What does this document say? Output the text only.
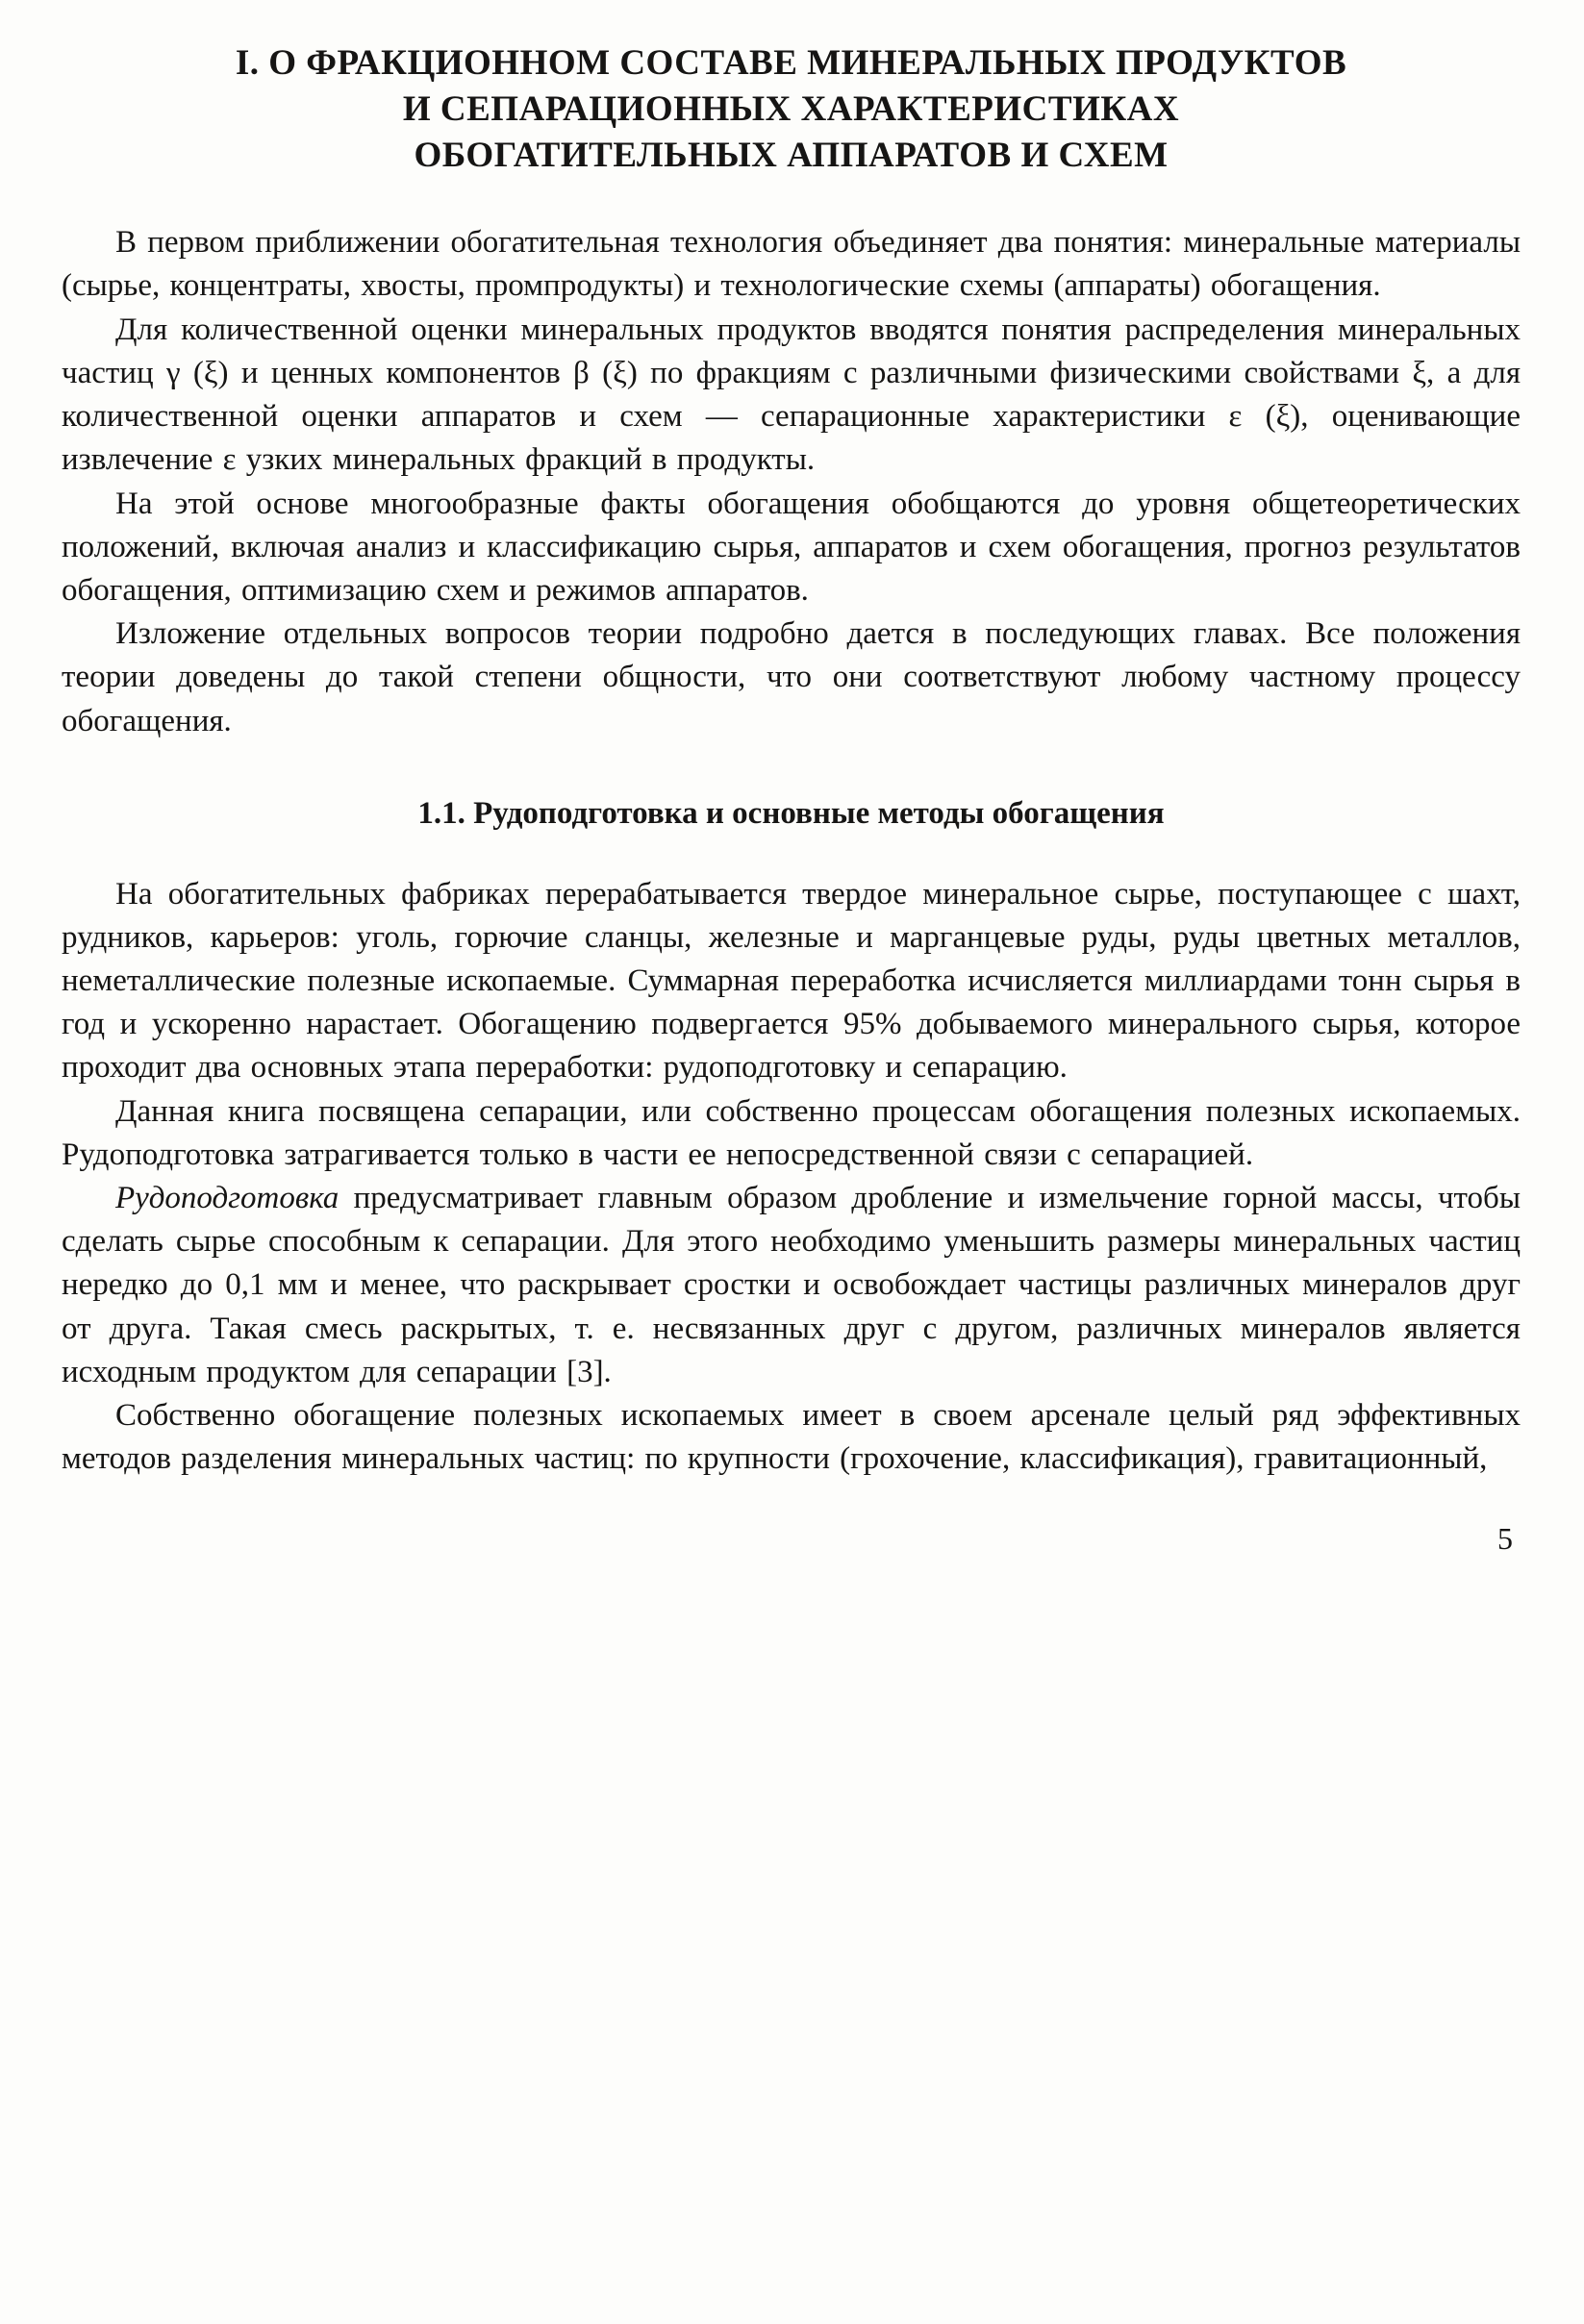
I. О ФРАКЦИОННОМ СОСТАВЕ МИНЕРАЛЬНЫХ ПРОДУКТОВ
И СЕПАРАЦИОННЫХ ХАРАКТЕРИСТИКАХ
ОБОГАТИТЕЛЬНЫХ АППАРАТОВ И СХЕМ

В первом приближении обогатительная технология объединяет два понятия: минеральные материалы (сырье, концентраты, хвосты, промпродукты) и технологические схемы (аппараты) обогащения.

Для количественной оценки минеральных продуктов вводятся понятия распределения минеральных частиц γ (ξ) и ценных компонентов β (ξ) по фракциям с различными физическими свойствами ξ, а для количественной оценки аппаратов и схем — сепарационные характеристики ε (ξ), оценивающие извлечение ε узких минеральных фракций в продукты.

На этой основе многообразные факты обогащения обобщаются до уровня общетеоретических положений, включая анализ и классификацию сырья, аппаратов и схем обогащения, прогноз результатов обогащения, оптимизацию схем и режимов аппаратов.

Изложение отдельных вопросов теории подробно дается в последующих главах. Все положения теории доведены до такой степени общности, что они соответствуют любому частному процессу обогащения.

1.1. Рудоподготовка и основные методы обогащения

На обогатительных фабриках перерабатывается твердое минеральное сырье, поступающее с шахт, рудников, карьеров: уголь, горючие сланцы, железные и марганцевые руды, руды цветных металлов, неметаллические полезные ископаемые. Суммарная переработка исчисляется миллиардами тонн сырья в год и ускоренно нарастает. Обогащению подвергается 95% добываемого минерального сырья, которое проходит два основных этапа переработки: рудоподготовку и сепарацию.

Данная книга посвящена сепарации, или собственно процессам обогащения полезных ископаемых. Рудоподготовка затрагивается только в части ее непосредственной связи с сепарацией.

Рудоподготовка предусматривает главным образом дробление и измельчение горной массы, чтобы сделать сырье способным к сепарации. Для этого необходимо уменьшить размеры минеральных частиц нередко до 0,1 мм и менее, что раскрывает сростки и освобождает частицы различных минералов друг от друга. Такая смесь раскрытых, т. е. несвязанных друг с другом, различных минералов является исходным продуктом для сепарации [3].

Собственно обогащение полезных ископаемых имеет в своем арсенале целый ряд эффективных методов разделения минеральных частиц: по крупности (грохочение, классификация), гравитационный,

5
